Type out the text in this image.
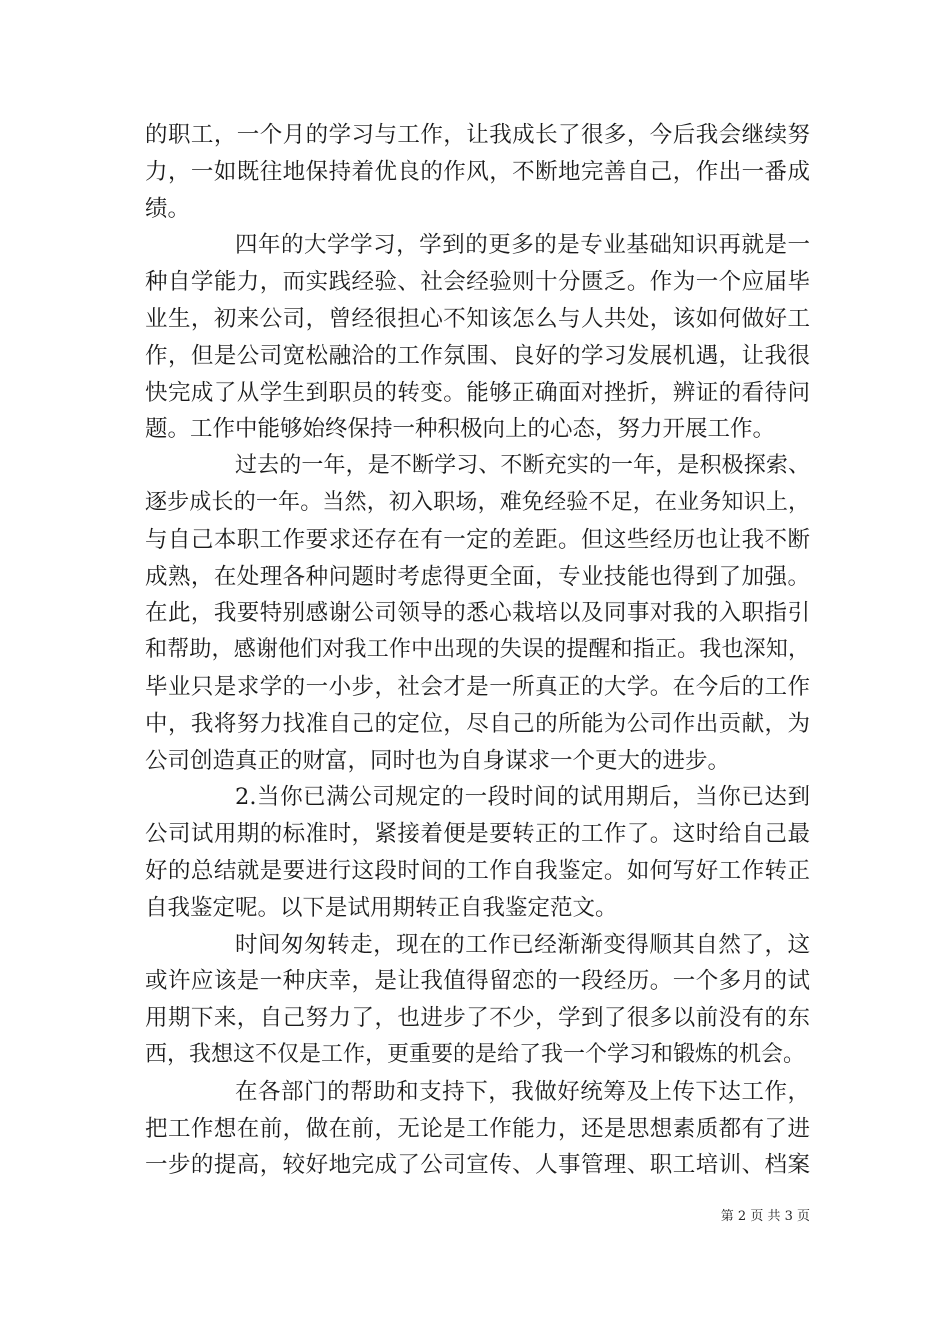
的职工，一个月的学习与工作，让我成长了很多，今后我会继续努
力，一如既往地保持着优良的作风，不断地完善自己，作出一番成
绩。
四年的大学学习，学到的更多的是专业基础知识再就是一
种自学能力，而实践经验、社会经验则十分匮乏。作为一个应届毕
业生，初来公司，曾经很担心不知该怎么与人共处，该如何做好工
作，但是公司宽松融洽的工作氛围、良好的学习发展机遇，让我很
快完成了从学生到职员的转变。能够正确面对挫折，辨证的看待问
题。工作中能够始终保持一种积极向上的心态，努力开展工作。
过去的一年，是不断学习、不断充实的一年，是积极探索、
逐步成长的一年。当然，初入职场，难免经验不足，在业务知识上，
与自己本职工作要求还存在有一定的差距。但这些经历也让我不断
成熟，在处理各种问题时考虑得更全面，专业技能也得到了加强。
在此，我要特别感谢公司领导的悉心栽培以及同事对我的入职指引
和帮助，感谢他们对我工作中出现的失误的提醒和指正。我也深知，
毕业只是求学的一小步，社会才是一所真正的大学。在今后的工作
中，我将努力找准自己的定位，尽自己的所能为公司作出贡献，为
公司创造真正的财富，同时也为自身谋求一个更大的进步。
2.当你已满公司规定的一段时间的试用期后，当你已达到
公司试用期的标准时，紧接着便是要转正的工作了。这时给自己最
好的总结就是要进行这段时间的工作自我鉴定。如何写好工作转正
自我鉴定呢。以下是试用期转正自我鉴定范文。
时间匆匆转走，现在的工作已经渐渐变得顺其自然了，这
或许应该是一种庆幸，是让我值得留恋的一段经历。一个多月的试
用期下来，自己努力了，也进步了不少，学到了很多以前没有的东
西，我想这不仅是工作，更重要的是给了我一个学习和锻炼的机会。
在各部门的帮助和支持下，我做好统筹及上传下达工作，
把工作想在前，做在前，无论是工作能力，还是思想素质都有了进
一步的提高，较好地完成了公司宣传、人事管理、职工培训、档案
第 2 页 共 3 页
